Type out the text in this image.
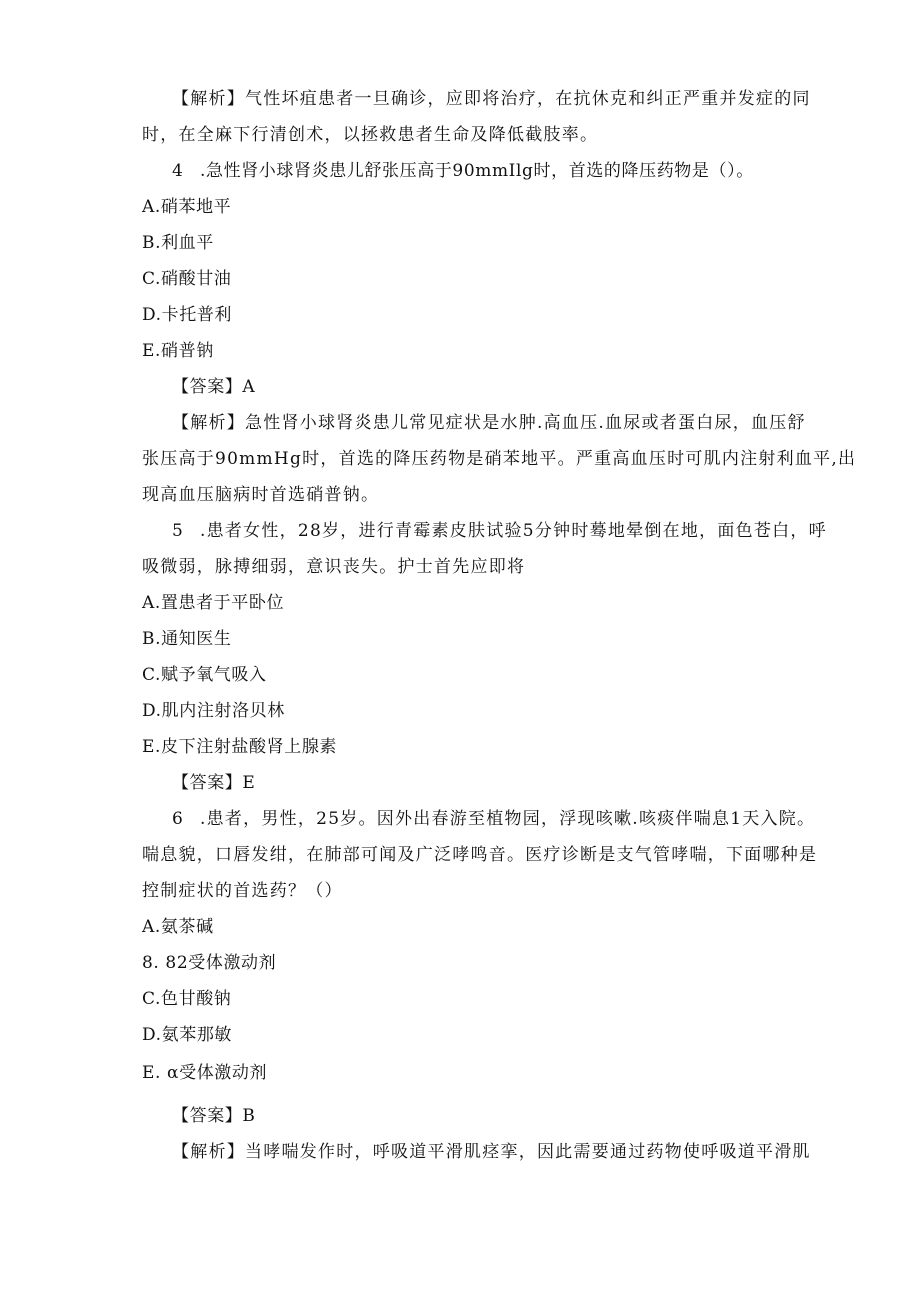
【解析】气性坏疽患者一旦确诊，应即将治疗，在抗休克和纠正严重并发症的同
时，在全麻下行清创术，以拯救患者生命及降低截肢率。
4 .急性肾小球肾炎患儿舒张压高于90mmIlg时，首选的降压药物是（）。
A.硝苯地平
B.利血平
C.硝酸甘油
D.卡托普利
E.硝普钠
【答案】A
【解析】急性肾小球肾炎患儿常见症状是水肿.高血压.血尿或者蛋白尿，血压舒
张压高于90mmHg时，首选的降压药物是硝苯地平。严重高血压时可肌内注射利血平,出
现高血压脑病时首选硝普钠。
5 .患者女性，28岁，进行青霉素皮肤试验5分钟时蓦地晕倒在地，面色苍白，呼
吸微弱，脉搏细弱，意识丧失。护士首先应即将
A.置患者于平卧位
B.通知医生
C.赋予氧气吸入
D.肌内注射洛贝林
E.皮下注射盐酸肾上腺素
【答案】E
6 .患者，男性，25岁。因外出春游至植物园，浮现咳嗽.咳痰伴喘息1天入院。
喘息貌，口唇发绀，在肺部可闻及广泛哮鸣音。医疗诊断是支气管哮喘，下面哪种是
控制症状的首选药？（）
A.氨茶碱
8. 82受体激动剂
C.色甘酸钠
D.氨苯那敏
E. α受体激动剂
【答案】B
【解析】当哮喘发作时，呼吸道平滑肌痉挛，因此需要通过药物使呼吸道平滑肌
